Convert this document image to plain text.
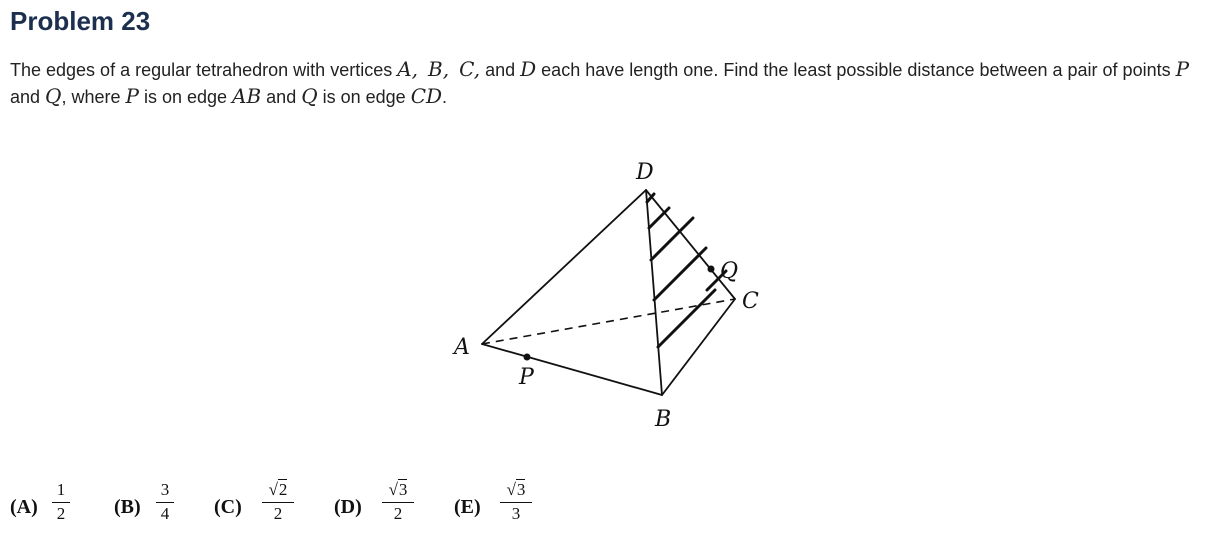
Problem 23
The edges of a regular tetrahedron with vertices A, B, C, and D each have length one. Find the least possible distance between a pair of points P and Q, where P is on edge AB and Q is on edge CD.
D
Q
C
A
P
B
(A)
1
2 (B)
3
4 (C)
√2
2	(D)
√3
2	(E)
√3
3
